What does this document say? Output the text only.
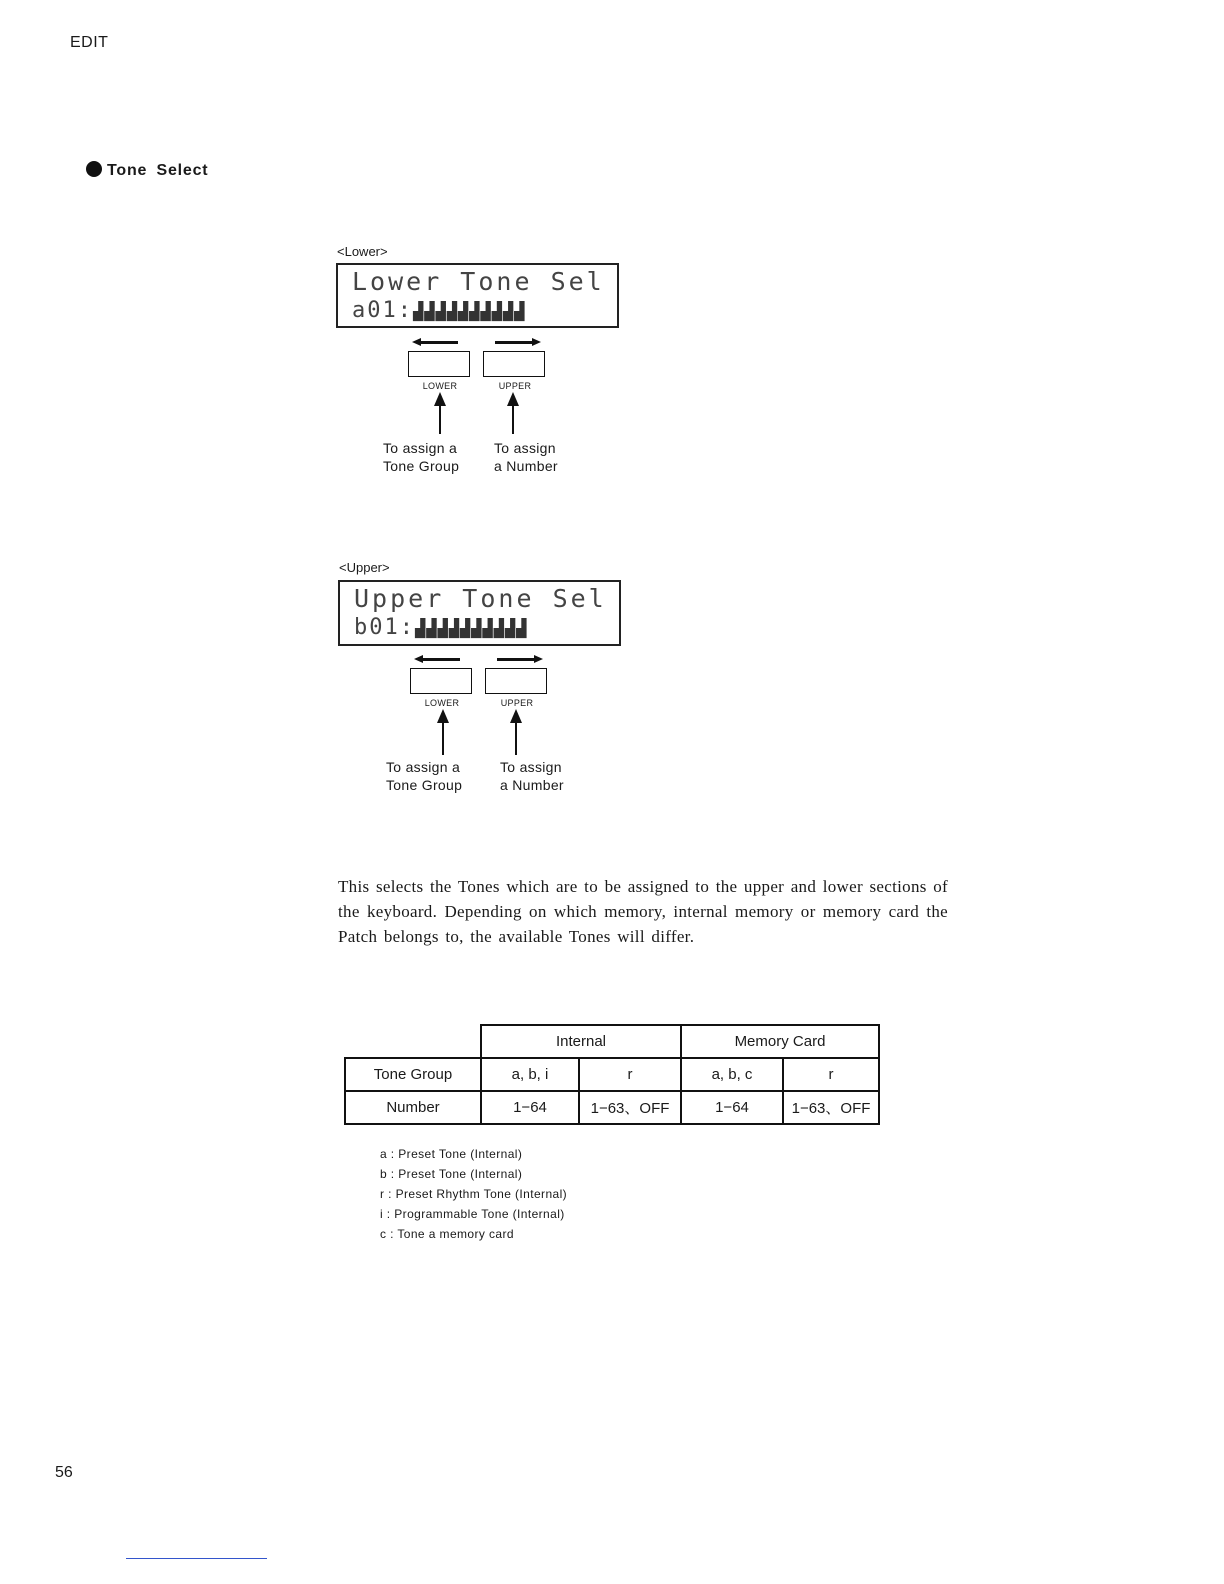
EDIT
Tone Select
<Lower>
Lower Tone Sel
a01:▟▟▟▟▟▟▟▟▟▟
LOWER	UPPER
To assign a
Tone Group
To assign
a Number
<Upper>
Upper Tone Sel
b01:▟▟▟▟▟▟▟▟▟▟
LOWER	UPPER
To assign a
Tone Group
To assign
a Number
This selects the Tones which are to be assigned to the upper and lower sections of the keyboard. Depending on which memory, internal memory or memory card the Patch belongs to, the available Tones will differ.
	Internal		Memory Card	
Tone Group	a, b, i	r	a, b, c	r
Number	1−64	1−63、OFF	1−64	1−63、OFF
a : Preset Tone (Internal)
b : Preset Tone (Internal)
r : Preset Rhythm Tone (Internal)
i : Programmable Tone (Internal)
c : Tone a memory card
56
